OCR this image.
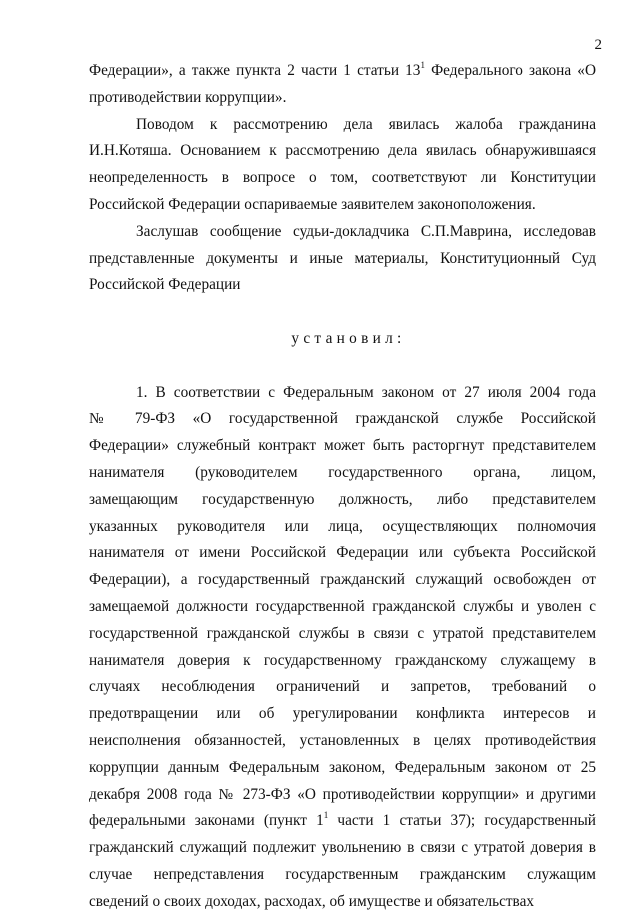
2
Федерации», а также пункта 2 части 1 статьи $13^1$ Федерального закона «О
противодействии коррупции».
Поводом к рассмотрению дела явилась жалоба гражданина
И.Н.Котяша. Основанием к рассмотрению дела явилась обнаружившаяся
неопределенность в вопросе о том, соответствуют ли Конституции
Российской Федерации оспариваемые заявителем законоположения.
Заслушав сообщение судьи-докладчика С.П.Маврина, исследовав
представленные документы и иные материалы, Конституционный Суд
Российской Федерации
установил:
1. В соответствии с Федеральным законом от 27 июля 2004 года
№ 79-ФЗ «О государственной гражданской службе Российской
Федерации» служебный контракт может быть расторгнут представителем
нанимателя (руководителем государственного органа, лицом,
замещающим государственную должность, либо представителем
указанных руководителя или лица, осуществляющих полномочия
нанимателя от имени Российской Федерации или субъекта Российской
Федерации), а государственный гражданский служащий освобожден от
замещаемой должности государственной гражданской службы и уволен с
государственной гражданской службы в связи с утратой представителем
нанимателя доверия к государственному гражданскому служащему в
случаях несоблюдения ограничений и запретов, требований о
предотвращении или об урегулировании конфликта интересов и
неисполнения обязанностей, установленных в целях противодействия
коррупции данным Федеральным законом, Федеральным законом от 25
декабря 2008 года № 273-ФЗ «О противодействии коррупции» и другими
федеральными законами (пункт $1^1$ части 1 статьи 37); государственный
гражданский служащий подлежит увольнению в связи с утратой доверия в
случае непредставления государственным гражданским служащим
сведений о своих доходах, расходах, об имуществе и обязательствах
